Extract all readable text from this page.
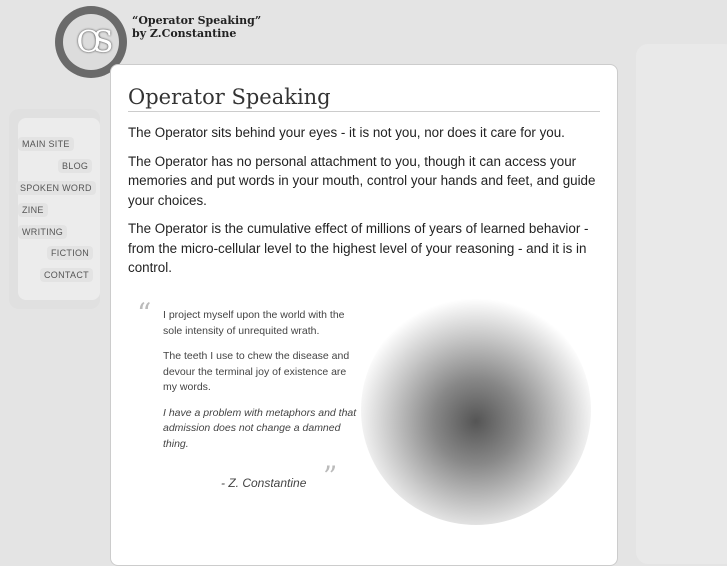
OS
“Operator Speaking”
by Z.Constantine
MAIN SITE
BLOG
SPOKEN WORD
ZINE
WRITING
FICTION
CONTACT
Operator Speaking

The Operator sits behind your eyes - it is not you, nor does it care for you.

The Operator has no personal attachment to you, though it can access your memories and put words in your mouth, control your hands and feet, and guide your choices.

The Operator is the cumulative effect of millions of years of learned behavior - from the micro-cellular level to the highest level of your reasoning - and it is in control.

“ I project myself upon the world with the sole intensity of unrequited wrath.

The teeth I use to chew the disease and devour the terminal joy of existence are my words.

I have a problem with metaphors and that admission does not change a damned thing.

- Z. Constantine ”
